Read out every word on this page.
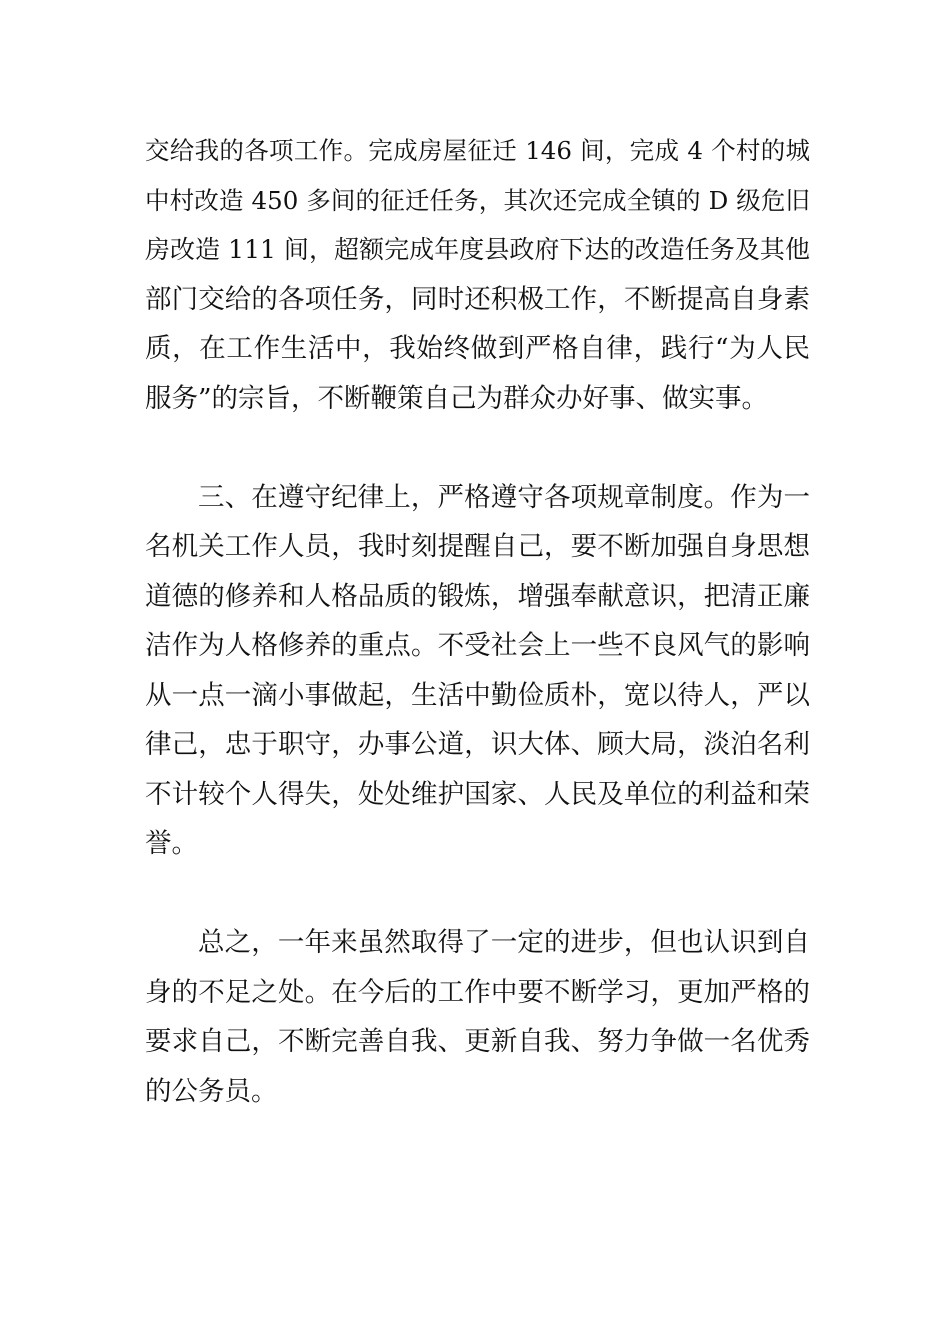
交给我的各项工作。完成房屋征迁 146 间，完成 4 个村的城
中村改造 450 多间的征迁任务，其次还完成全镇的 D 级危旧
房改造 111 间，超额完成年度县政府下达的改造任务及其他
部门交给的各项任务，同时还积极工作，不断提高自身素
质，在工作生活中，我始终做到严格自律，践行“为人民
服务”的宗旨，不断鞭策自己为群众办好事、做实事。
三、在遵守纪律上，严格遵守各项规章制度。作为一
名机关工作人员，我时刻提醒自己，要不断加强自身思想
道德的修养和人格品质的锻炼，增强奉献意识，把清正廉
洁作为人格修养的重点。不受社会上一些不良风气的影响
从一点一滴小事做起，生活中勤俭质朴，宽以待人，严以
律己，忠于职守，办事公道，识大体、顾大局，淡泊名利
不计较个人得失，处处维护国家、人民及单位的利益和荣
誉。
总之，一年来虽然取得了一定的进步，但也认识到自
身的不足之处。在今后的工作中要不断学习，更加严格的
要求自己，不断完善自我、更新自我、努力争做一名优秀
的公务员。
